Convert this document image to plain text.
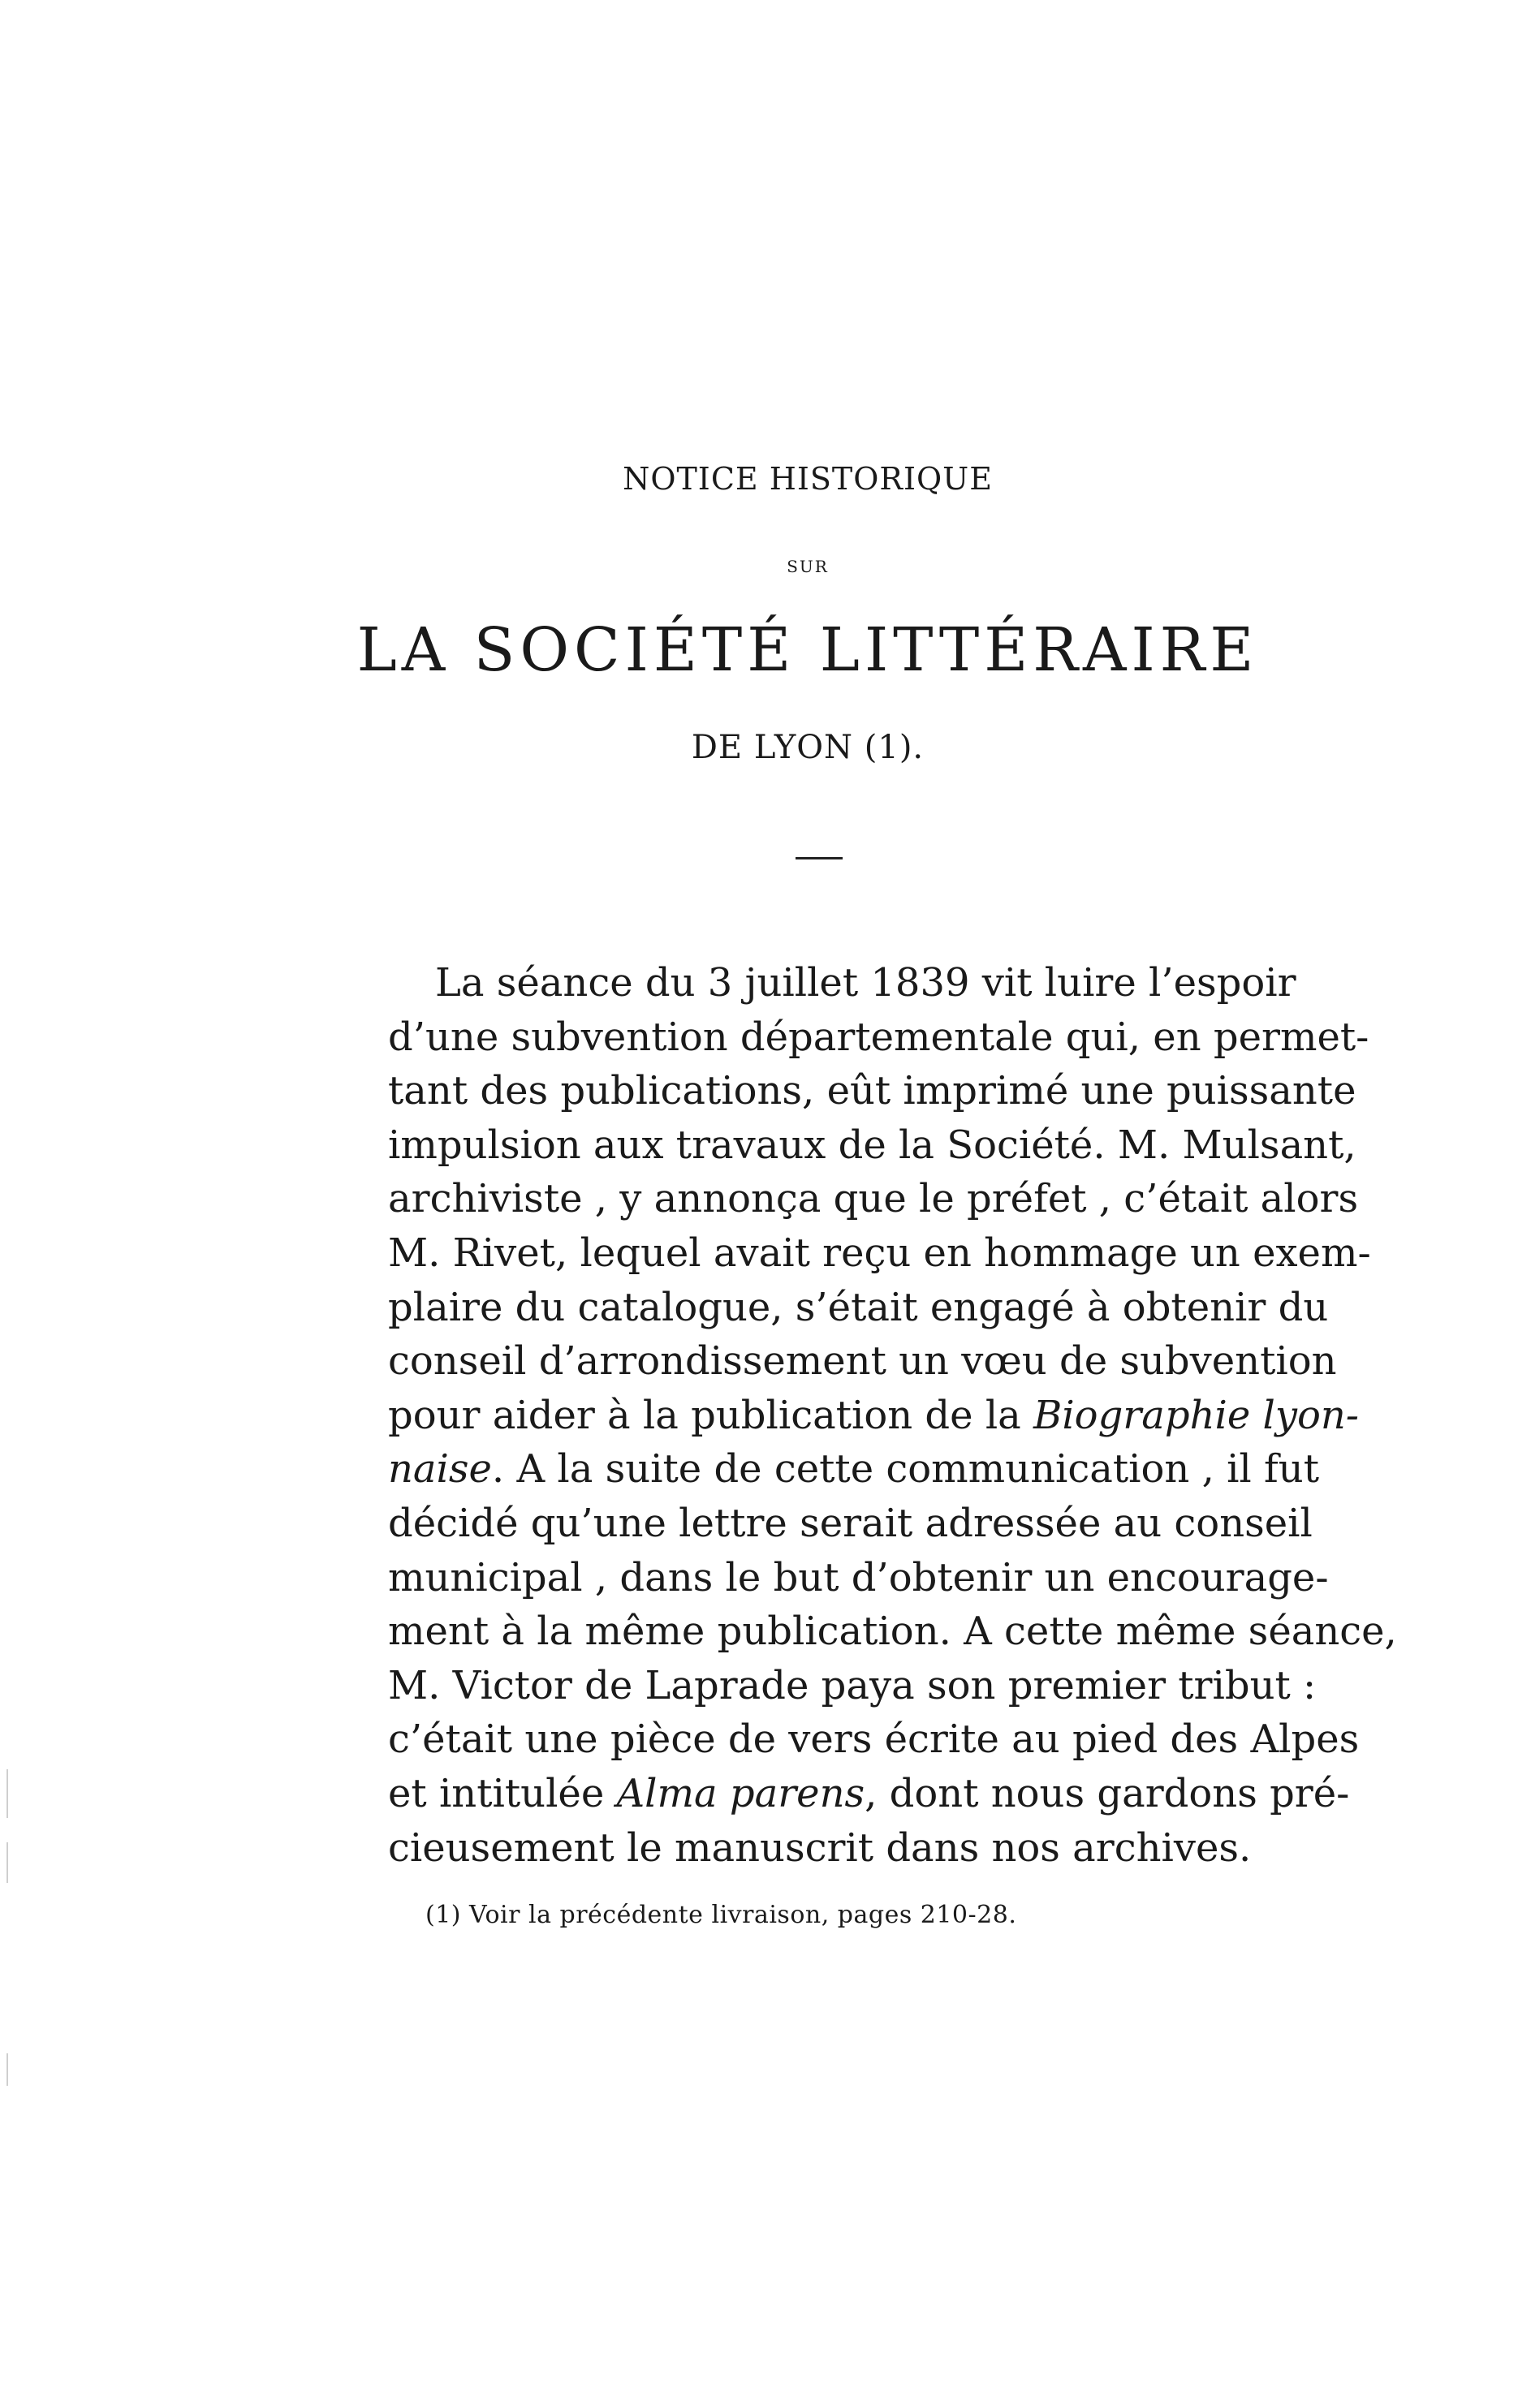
NOTICE HISTORIQUE
SUR
LA SOCIÉTÉ LITTÉRAIRE
DE LYON (1).
La séance du 3 juillet 1839 vit luire l’espoir
d’une subvention départementale qui, en permet-
tant des publications, eût imprimé une puissante
impulsion aux travaux de la Société. M. Mulsant,
archiviste , y annonça que le préfet , c’était alors
M. Rivet, lequel avait reçu en hommage un exem-
plaire du catalogue, s’était engagé à obtenir du
conseil d’arrondissement un vœu de subvention
pour aider à la publication de la Biographie lyon-
naise. A la suite de cette communication , il fut
décidé qu’une lettre serait adressée au conseil
municipal , dans le but d’obtenir un encourage-
ment à la même publication. A cette même séance,
M. Victor de Laprade paya son premier tribut :
c’était une pièce de vers écrite au pied des Alpes
et intitulée Alma parens, dont nous gardons pré-
cieusement le manuscrit dans nos archives.
(1) Voir la précédente livraison, pages 210-28.
